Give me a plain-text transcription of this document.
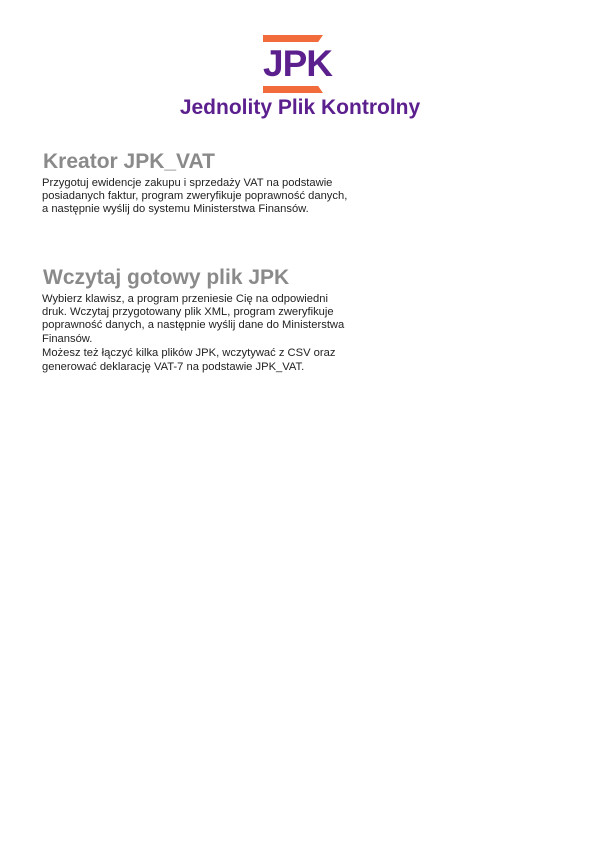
JPK
Jednolity Plik Kontrolny
Kreator JPK_VAT

Przygotuj ewidencje zakupu i sprzedaży VAT na podstawie
posiadanych faktur, program zweryfikuje poprawność danych,
a następnie wyślij do systemu Ministerstwa Finansów.

Wczytaj gotowy plik JPK

Wybierz klawisz, a program przeniesie Cię na odpowiedni
druk. Wczytaj przygotowany plik XML, program zweryfikuje
poprawność danych, a następnie wyślij dane do Ministerstwa
Finansów.
Możesz też łączyć kilka plików JPK, wczytywać z CSV oraz
generować deklarację VAT-7 na podstawie JPK_VAT.
